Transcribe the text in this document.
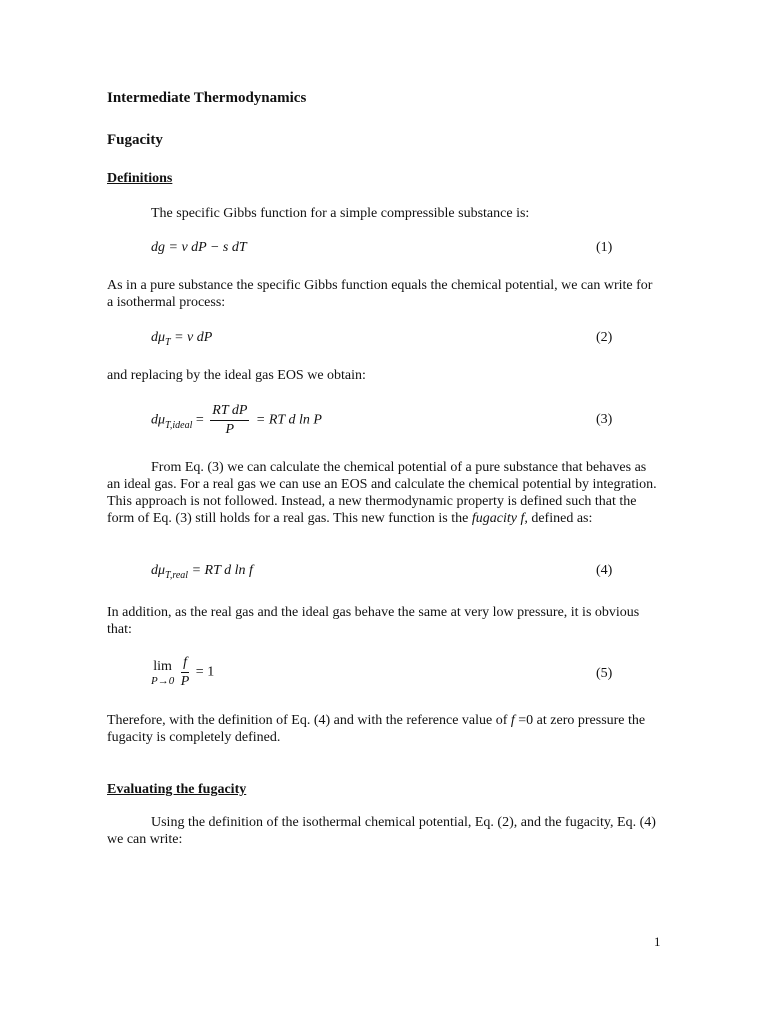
Intermediate Thermodynamics
Fugacity
Definitions
The specific Gibbs function for a simple compressible substance is:
dg = v dP − s dT	(1)
As in a pure substance the specific Gibbs function equals the chemical potential, we can write for a isothermal process:
$d\mu_T = v$ dP	(2)
and replacing by the ideal gas EOS we obtain:
$d\mu_{T,ideal} = \frac{\text{RT dP}}{P}$ = RT d ln P	(3)
From Eq. (3) we can calculate the chemical potential of a pure substance that behaves as an ideal gas. For a real gas we can use an EOS and calculate the chemical potential by integration. This approach is not followed. Instead, a new thermodynamic property is defined such that the form of Eq. (3) still holds for a real gas. This new function is the fugacity f, defined as:
$d\mu_{T,real}$ = RT d ln f	(4)
In addition, as the real gas and the ideal gas behave the same at very low pressure, it is obvious that:
lim
P→0
$\frac{f}{P} = 1$	(5)
Therefore, with the definition of Eq. (4) and with the reference value of f =0 at zero pressure the fugacity is completely defined.
Evaluating the fugacity
Using the definition of the isothermal chemical potential, Eq. (2), and the fugacity, Eq. (4) we can write:
1
